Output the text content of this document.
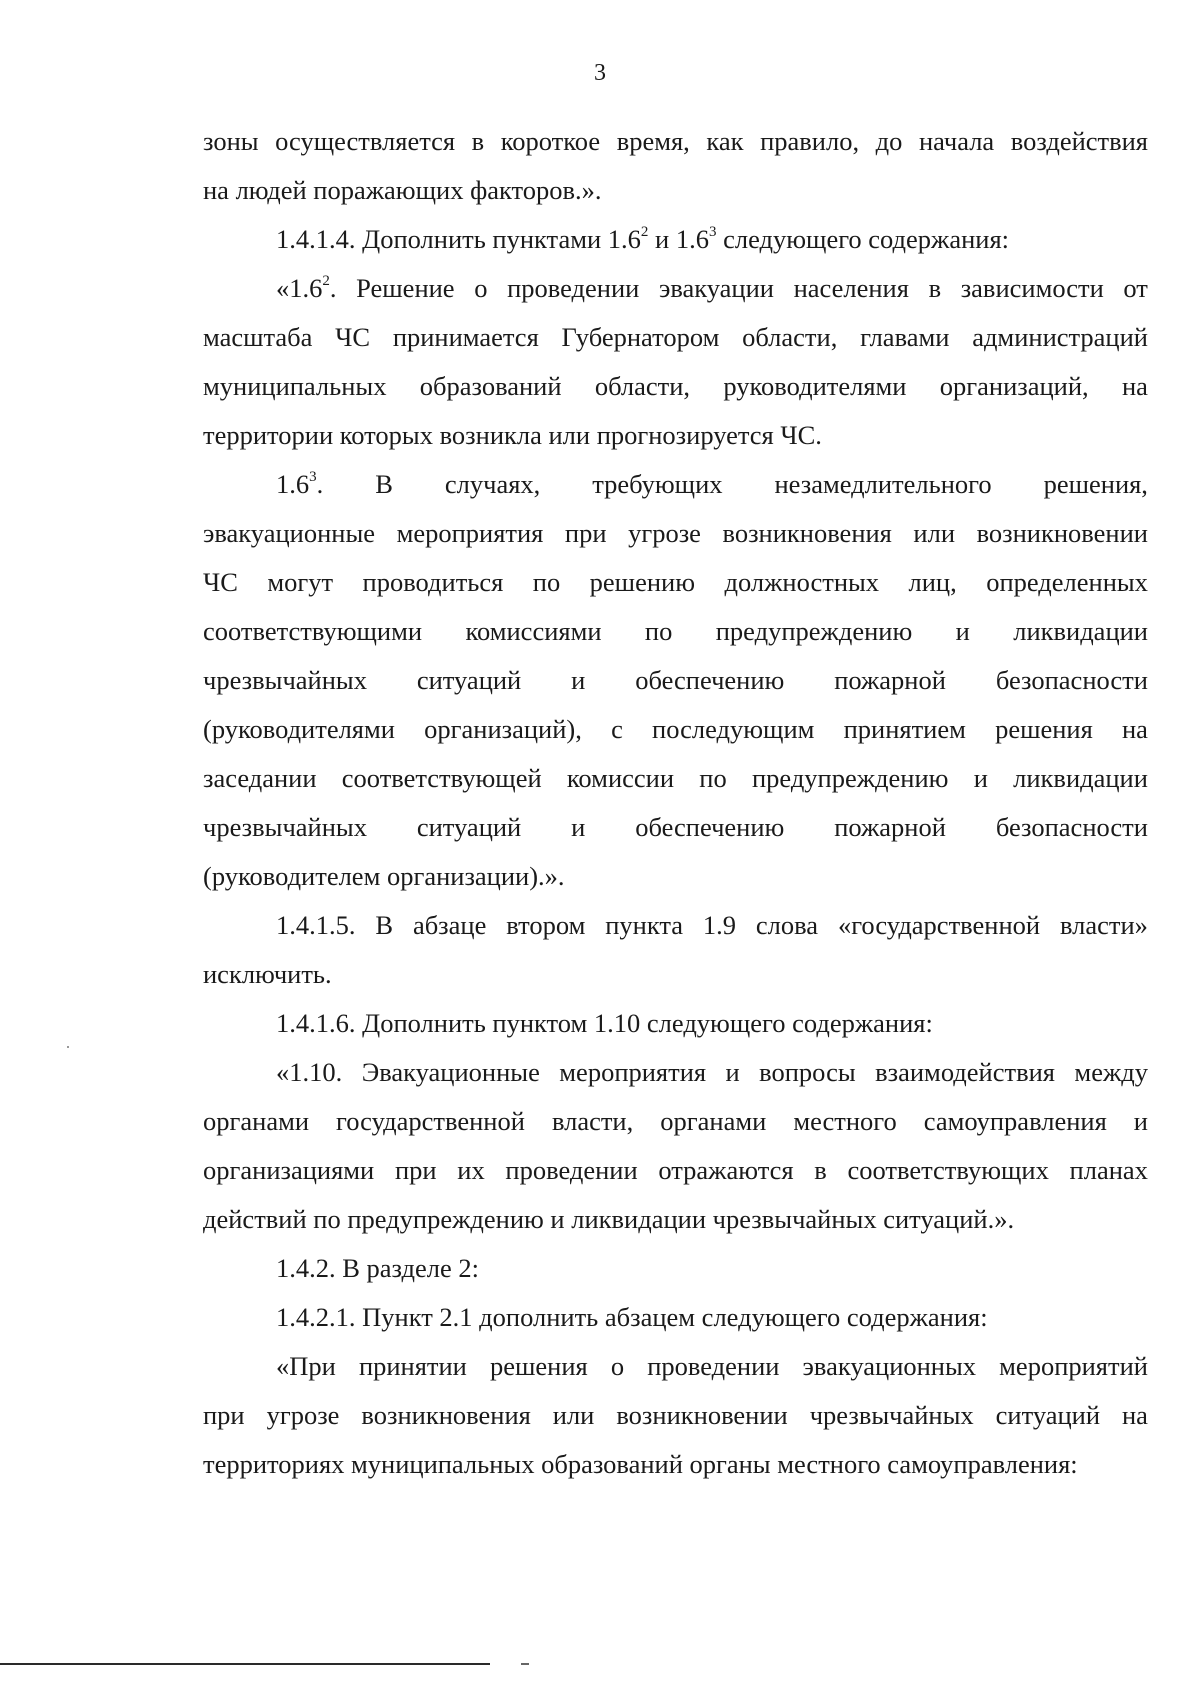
3
зоны осуществляется в короткое время, как правило, до начала воздействия
на людей поражающих факторов.».
1.4.1.4. Дополнить пунктами $1.6^2$ и $1.6^3$ следующего содержания:
«$1.6^2$. Решение о проведении эвакуации населения в зависимости от
масштаба ЧС принимается Губернатором области, главами администраций
муниципальных образований области, руководителями организаций, на
территории которых возникла или прогнозируется ЧС.
$1.6^3$. В случаях, требующих незамедлительного решения,
эвакуационные мероприятия при угрозе возникновения или возникновении
ЧС могут проводиться по решению должностных лиц, определенных
соответствующими комиссиями по предупреждению и ликвидации
чрезвычайных ситуаций и обеспечению пожарной безопасности
(руководителями организаций), с последующим принятием решения на
заседании соответствующей комиссии по предупреждению и ликвидации
чрезвычайных ситуаций и обеспечению пожарной безопасности
(руководителем организации).».
1.4.1.5. В абзаце втором пункта 1.9 слова «государственной власти»
исключить.
1.4.1.6. Дополнить пунктом 1.10 следующего содержания:
«1.10. Эвакуационные мероприятия и вопросы взаимодействия между
органами государственной власти, органами местного самоуправления и
организациями при их проведении отражаются в соответствующих планах
действий по предупреждению и ликвидации чрезвычайных ситуаций.».
1.4.2. В разделе 2:
1.4.2.1. Пункт 2.1 дополнить абзацем следующего содержания:
«При принятии решения о проведении эвакуационных мероприятий
при угрозе возникновения или возникновении чрезвычайных ситуаций на
территориях муниципальных образований органы местного самоуправления:
